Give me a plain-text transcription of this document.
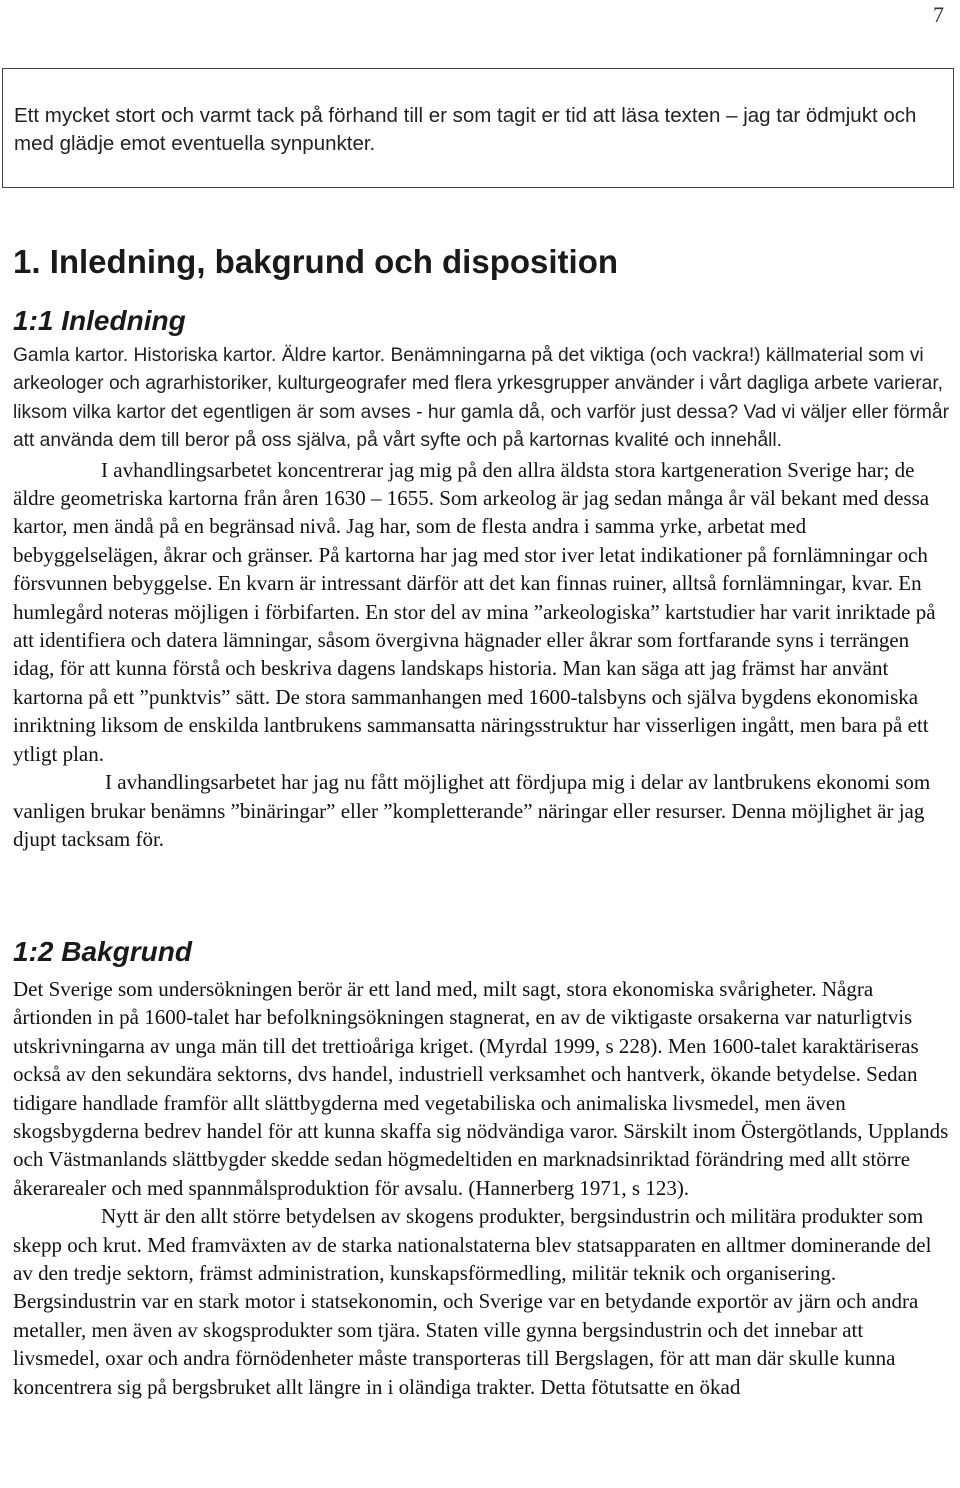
7

Ett mycket stort och varmt tack på förhand till er som tagit er tid att läsa texten – jag tar ödmjukt och med glädje emot eventuella synpunkter.

1. Inledning, bakgrund och disposition
1:1 Inledning

Gamla kartor. Historiska kartor. Äldre kartor. Benämningarna på det viktiga (och vackra!) källmaterial som vi arkeologer och agrarhistoriker, kulturgeografer med flera yrkesgrupper använder i vårt dagliga arbete varierar, liksom vilka kartor det egentligen är som avses - hur gamla då, och varför just dessa? Vad vi väljer eller förmår att använda dem till beror på oss själva, på vårt syfte och på kartornas kvalité och innehåll.

I avhandlingsarbetet koncentrerar jag mig på den allra äldsta stora kartgeneration Sverige har; de äldre geometriska kartorna från åren 1630 – 1655. Som arkeolog är jag sedan många år väl bekant med dessa kartor, men ändå på en begränsad nivå. Jag har, som de flesta andra i samma yrke, arbetat med bebyggelselägen, åkrar och gränser. På kartorna har jag med stor iver letat indikationer på fornlämningar och försvunnen bebyggelse. En kvarn är intressant därför att det kan finnas ruiner, alltså fornlämningar, kvar. En humlegård noteras möjligen i förbifarten. En stor del av mina ”arkeologiska” kartstudier har varit inriktade på att identifiera och datera lämningar, såsom övergivna hägnader eller åkrar som fortfarande syns i terrängen idag, för att kunna förstå och beskriva dagens landskaps historia. Man kan säga att jag främst har använt kartorna på ett ”punktvis” sätt. De stora sammanhangen med 1600-talsbyns och själva bygdens ekonomiska inriktning liksom de enskilda lantbrukens sammansatta näringsstruktur har visserligen ingått, men bara på ett ytligt plan.

I avhandlingsarbetet har jag nu fått möjlighet att fördjupa mig i delar av lantbrukens ekonomi som vanligen brukar benämns ”binäringar” eller ”kompletterande” näringar eller resurser. Denna möjlighet är jag djupt tacksam för.

1:2 Bakgrund

Det Sverige som undersökningen berör är ett land med, milt sagt, stora ekonomiska svårigheter. Några årtionden in på 1600-talet har befolkningsökningen stagnerat, en av de viktigaste orsakerna var naturligtvis utskrivningarna av unga män till det trettioåriga kriget. (Myrdal 1999, s 228). Men 1600-talet karaktäriseras också av den sekundära sektorns, dvs handel, industriell verksamhet och hantverk, ökande betydelse. Sedan tidigare handlade framför allt slättbygderna med vegetabiliska och animaliska livsmedel, men även skogsbygderna bedrev handel för att kunna skaffa sig nödvändiga varor. Särskilt inom Östergötlands, Upplands och Västmanlands slättbygder skedde sedan högmedeltiden en marknadsinriktad förändring med allt större åkerarealer och med spannmålsproduktion för avsalu. (Hannerberg 1971, s 123).

Nytt är den allt större betydelsen av skogens produkter, bergsindustrin och militära produkter som skepp och krut. Med framväxten av de starka nationalstaterna blev statsapparaten en alltmer dominerande del av den tredje sektorn, främst administration, kunskapsförmedling, militär teknik och organisering. Bergsindustrin var en stark motor i statsekonomin, och Sverige var en betydande exportör av järn och andra metaller, men även av skogsprodukter som tjära. Staten ville gynna bergsindustrin och det innebar att livsmedel, oxar och andra förnödenheter måste transporteras till Bergslagen, för att man där skulle kunna koncentrera sig på bergsbruket allt längre in i oländiga trakter. Detta fötutsatte en ökad
